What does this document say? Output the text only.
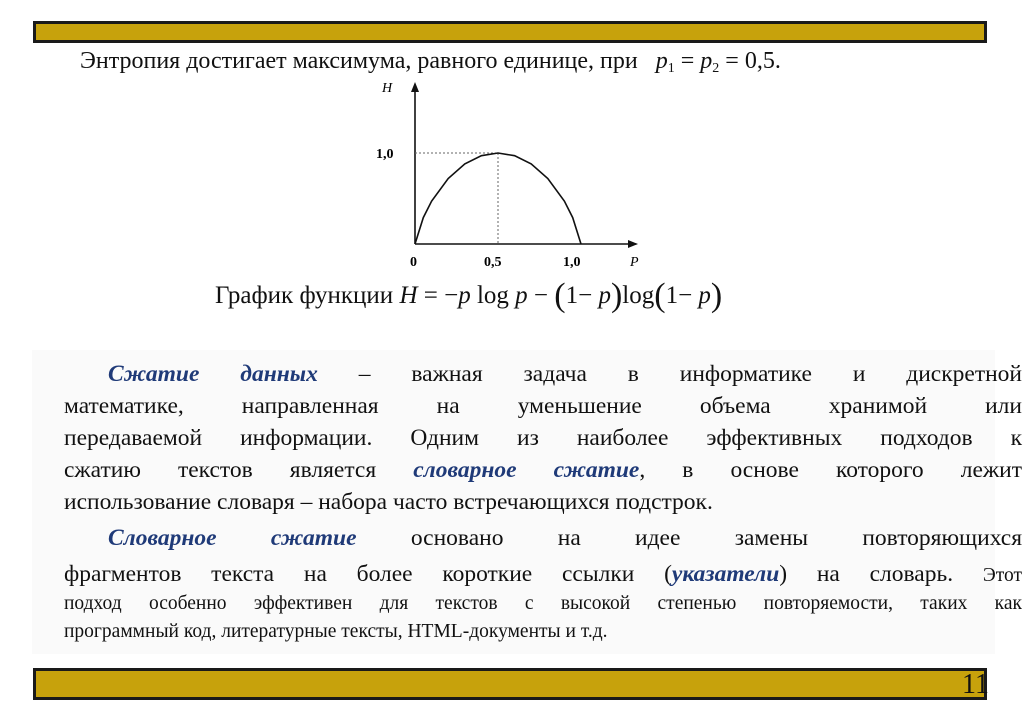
Энтропия достигает максимума, равного единице, при $p_1 = p_2 = 0,5$.
H
P
1,0
0	0,5	1,0
График функции H = −p log p − (1− p)log(1− p)
Сжатие данных – важная задача в информатике и дискретной
математике, направленная на уменьшение объема хранимой или
передаваемой информации. Одним из наиболее эффективных подходов к
сжатию текстов является словарное сжатие, в основе которого лежит
использование словаря – набора часто встречающихся подстрок.
Словарное сжатие основано на идее замены повторяющихся
фрагментов текста на более короткие ссылки (указатели) на словарь. Этот
подход особенно эффективен для текстов с высокой степенью повторяемости, таких как
программный код, литературные тексты, HTML-документы и т.д.
11
